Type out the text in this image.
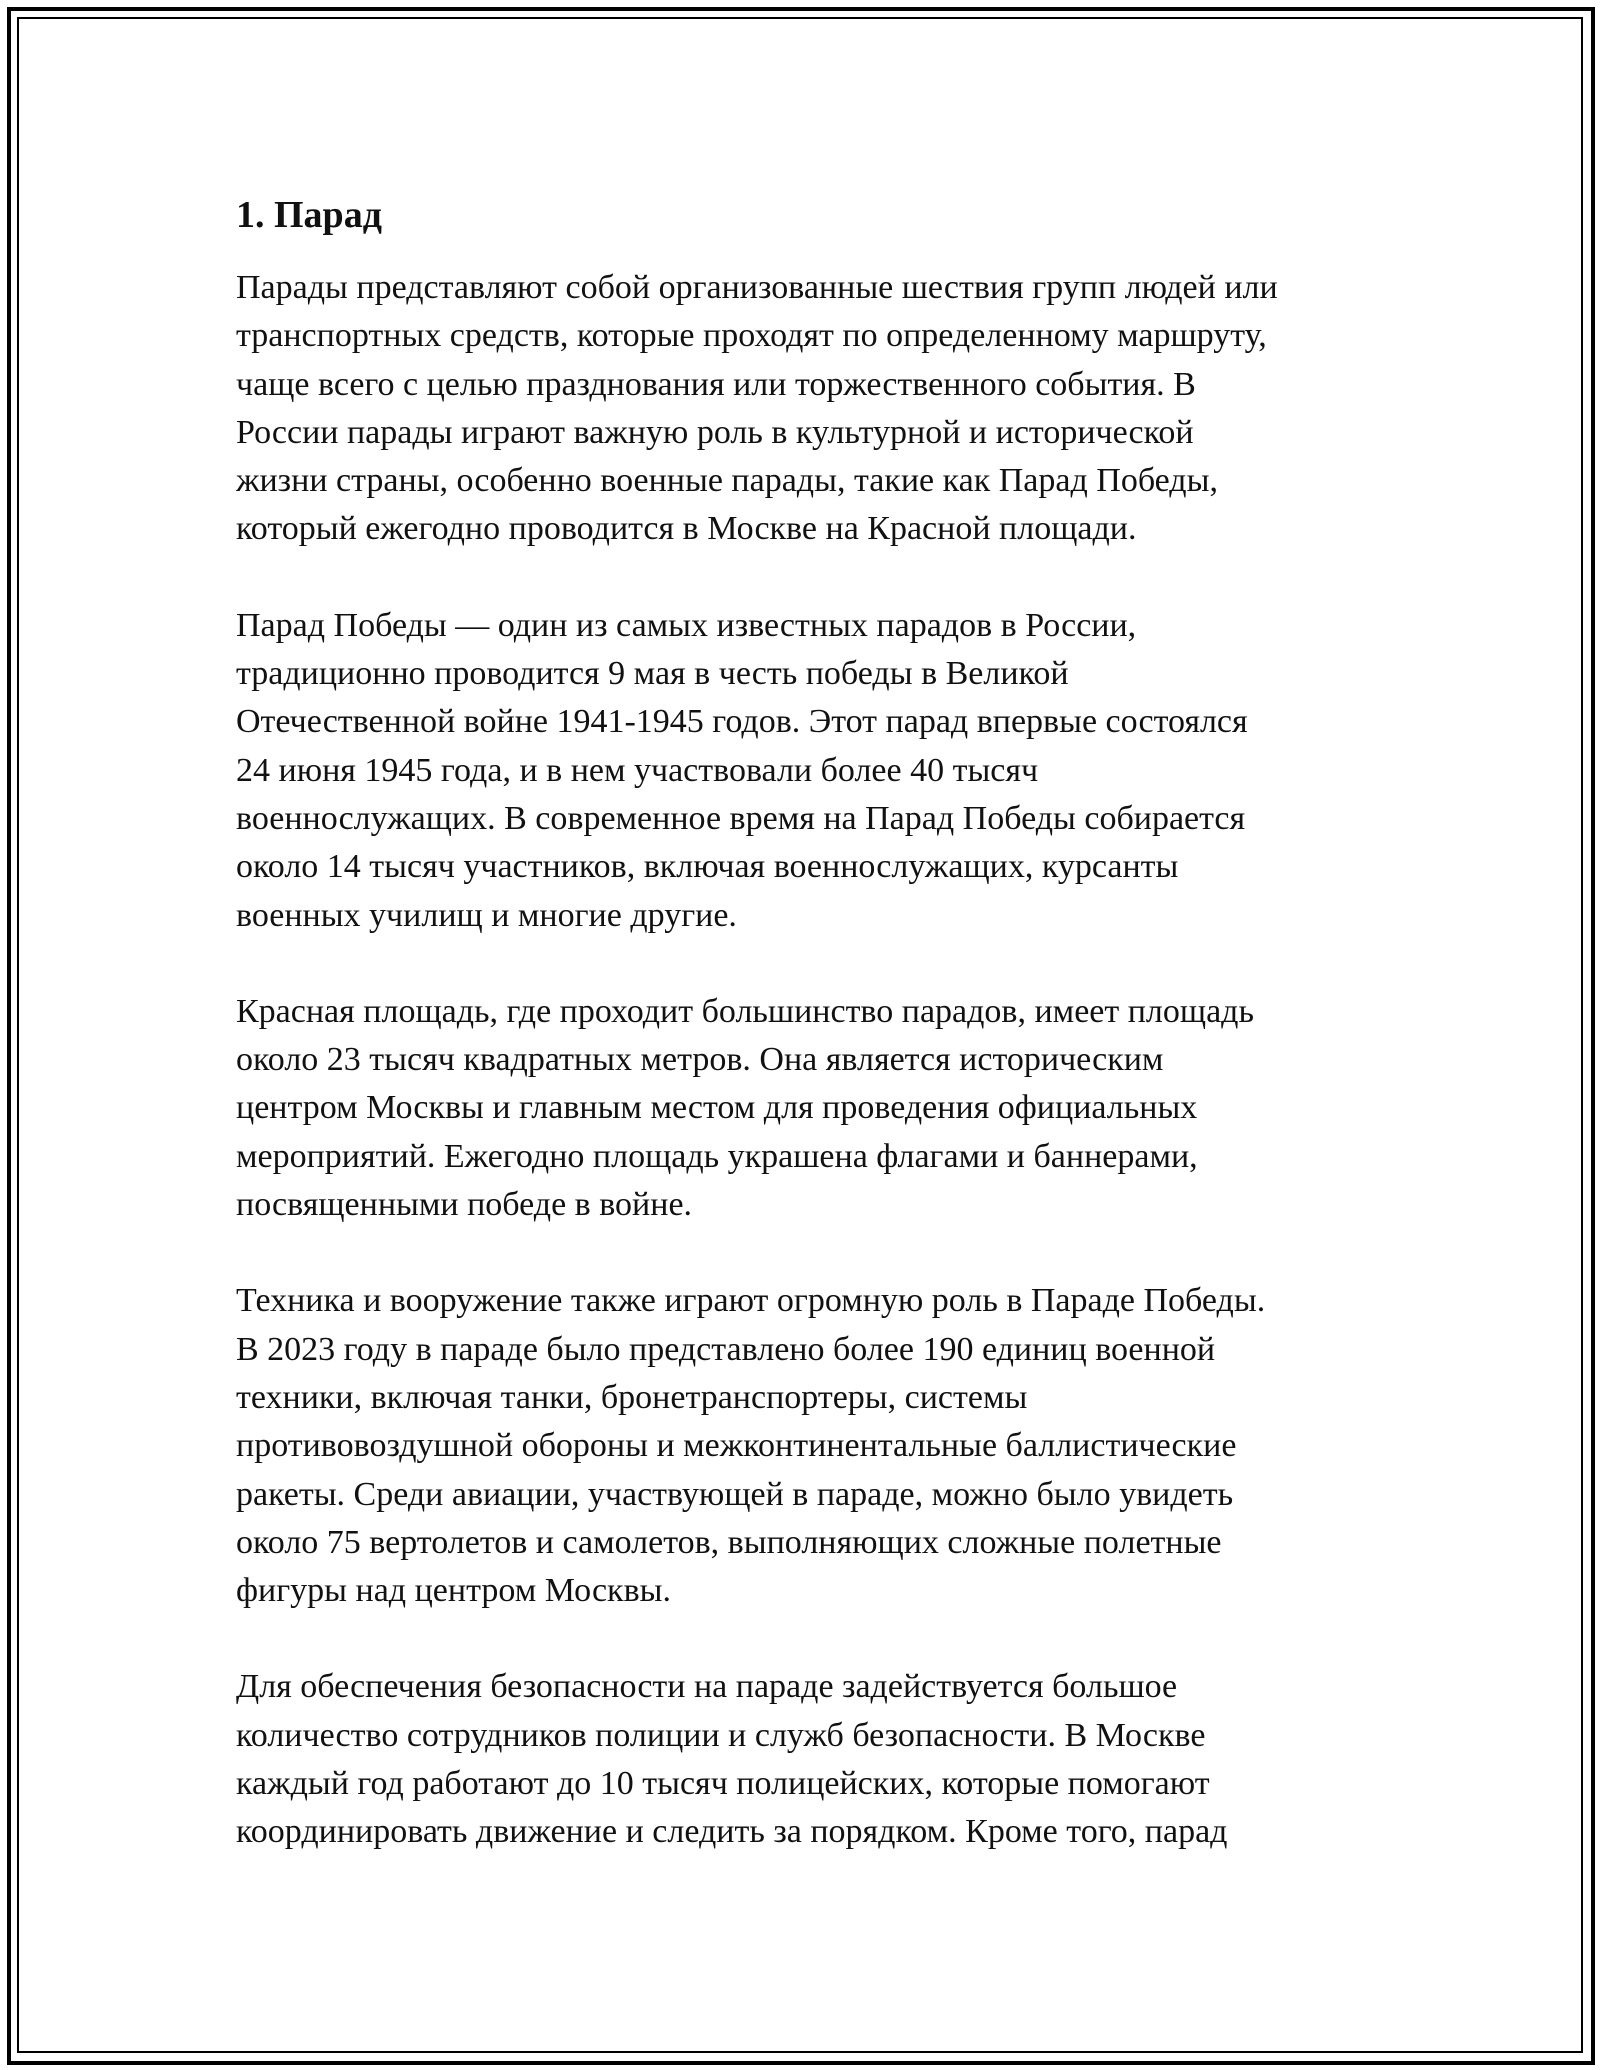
1. Парад

Парады представляют собой организованные шествия групп людей или
транспортных средств, которые проходят по определенному маршруту,
чаще всего с целью празднования или торжественного события. В
России парады играют важную роль в культурной и исторической
жизни страны, особенно военные парады, такие как Парад Победы,
который ежегодно проводится в Москве на Красной площади.

Парад Победы — один из самых известных парадов в России,
традиционно проводится 9 мая в честь победы в Великой
Отечественной войне 1941-1945 годов. Этот парад впервые состоялся
24 июня 1945 года, и в нем участвовали более 40 тысяч
военнослужащих. В современное время на Парад Победы собирается
около 14 тысяч участников, включая военнослужащих, курсанты
военных училищ и многие другие.

Красная площадь, где проходит большинство парадов, имеет площадь
около 23 тысяч квадратных метров. Она является историческим
центром Москвы и главным местом для проведения официальных
мероприятий. Ежегодно площадь украшена флагами и баннерами,
посвященными победе в войне.

Техника и вооружение также играют огромную роль в Параде Победы.
В 2023 году в параде было представлено более 190 единиц военной
техники, включая танки, бронетранспортеры, системы
противовоздушной обороны и межконтинентальные баллистические
ракеты. Среди авиации, участвующей в параде, можно было увидеть
около 75 вертолетов и самолетов, выполняющих сложные полетные
фигуры над центром Москвы.

Для обеспечения безопасности на параде задействуется большое
количество сотрудников полиции и служб безопасности. В Москве
каждый год работают до 10 тысяч полицейских, которые помогают
координировать движение и следить за порядком. Кроме того, парад
